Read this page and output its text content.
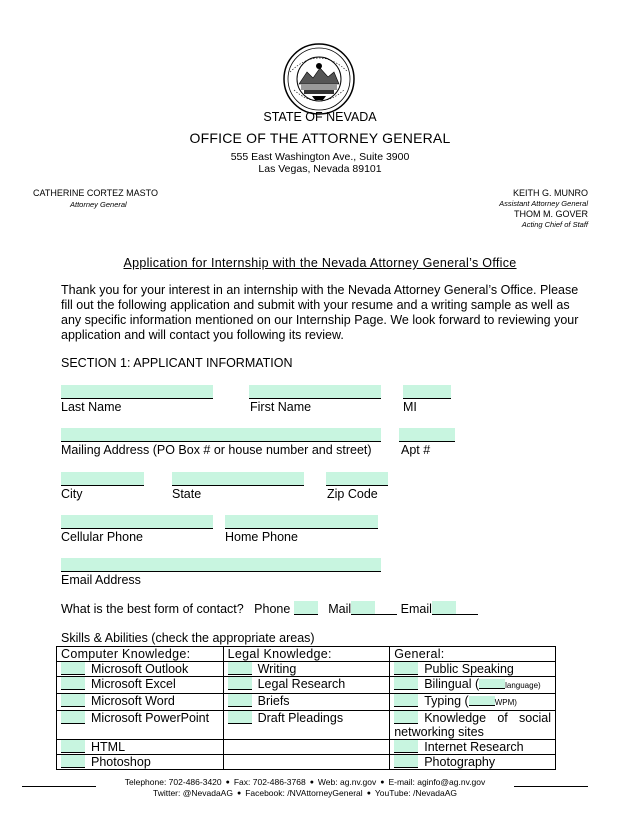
STATE OF NEVADA
OFFICE OF THE ATTORNEY GENERAL
555 East Washington Ave., Suite 3900
Las Vegas, Nevada 89101
CATHERINE CORTEZ MASTO
Attorney General
KEITH G. MUNRO
Assistant Attorney General
THOM M. GOVER
Acting Chief of Staff
Application for Internship with the Nevada Attorney General’s Office
Thank you for your interest in an internship with the Nevada Attorney General’s Office. Please fill out the following application and submit with your resume and a writing sample as well as any specific information mentioned on our Internship Page. We look forward to reviewing your application and will contact you following its review.
SECTION 1: APPLICANT INFORMATION
Last Name	First Name	MI
Mailing Address (PO Box # or house number and street) Apt #
City	State	Zip Code
Cellular Phone	Home Phone
Email Address
What is the best form of contact? Phone	Mail	Email
Skills & Abilities (check the appropriate areas)
Computer Knowledge:	Legal Knowledge:	General:
Microsoft Outlook	Writing	Public Speaking
Microsoft Excel	Legal Research	Bilingual ( language)
Microsoft Word	Briefs	Typing ( WPM)
Microsoft PowerPoint	Draft Pleadings	Knowledge of social
networking sites

HTML		Internet Research
Photoshop		Photography
Telephone: 702-486-3420 ● Fax: 702-486-3768 ● Web: ag.nv.gov ● E-mail: aginfo@ag.nv.gov
Twitter: @NevadaAG ● Facebook: /NVAttorneyGeneral ● YouTube: /NevadaAG
